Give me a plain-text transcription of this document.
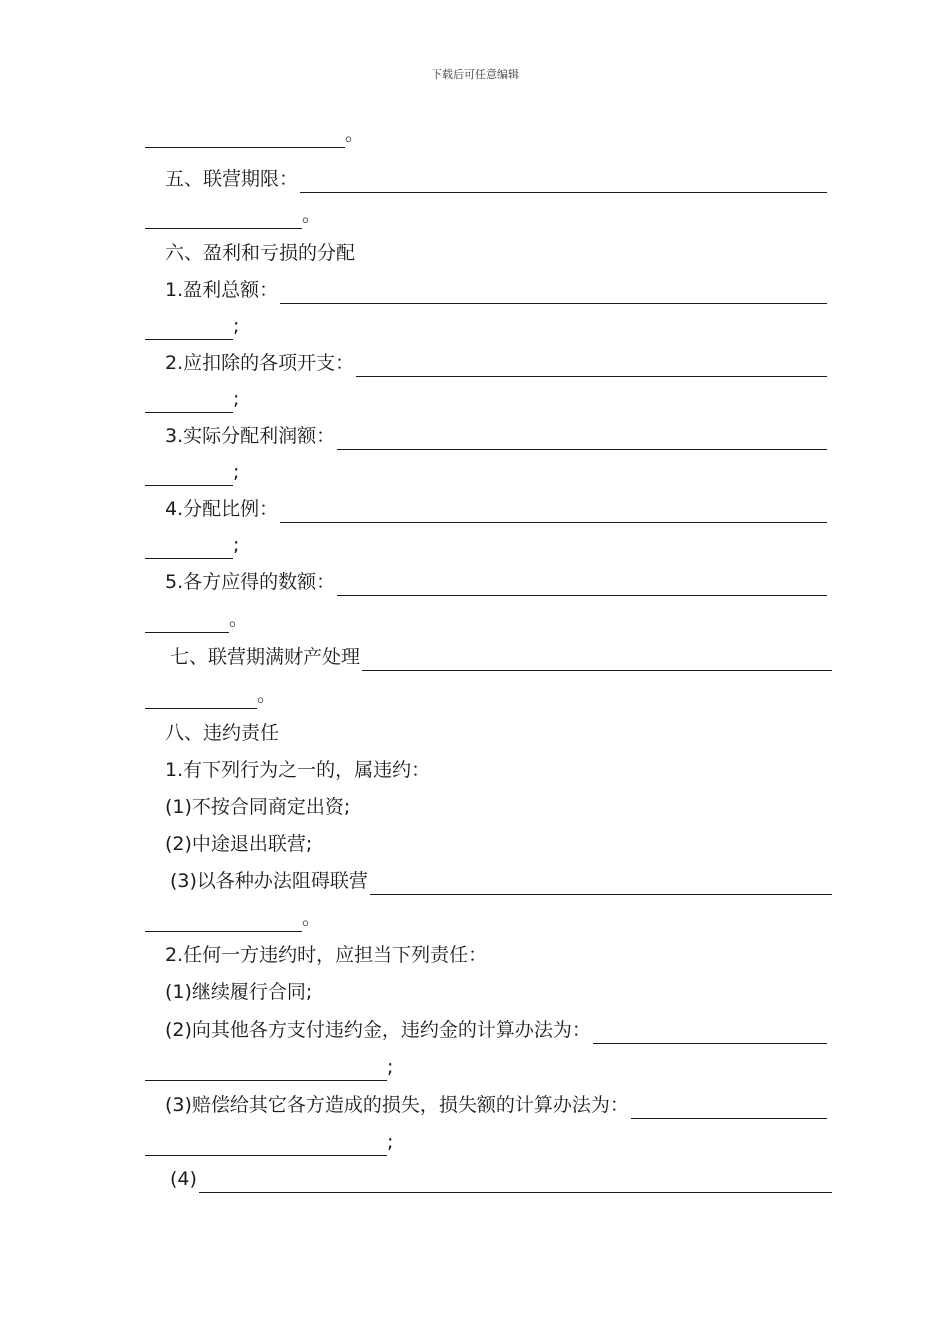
下载后可任意编辑
。
五、联营期限：
。
六、盈利和亏损的分配
1.盈利总额：
;
2.应扣除的各项开支：
;
3.实际分配利润额：
;
4.分配比例：
;
5.各方应得的数额：
。
七、联营期满财产处理
。
八、违约责任
1.有下列行为之一的，属违约：
(1)不按合同商定出资;
(2)中途退出联营;
(3)以各种办法阻碍联营
。
2.任何一方违约时，应担当下列责任：
(1)继续履行合同;
(2)向其他各方支付违约金，违约金的计算办法为：
;
(3)赔偿给其它各方造成的损失，损失额的计算办法为：
;
(4)
